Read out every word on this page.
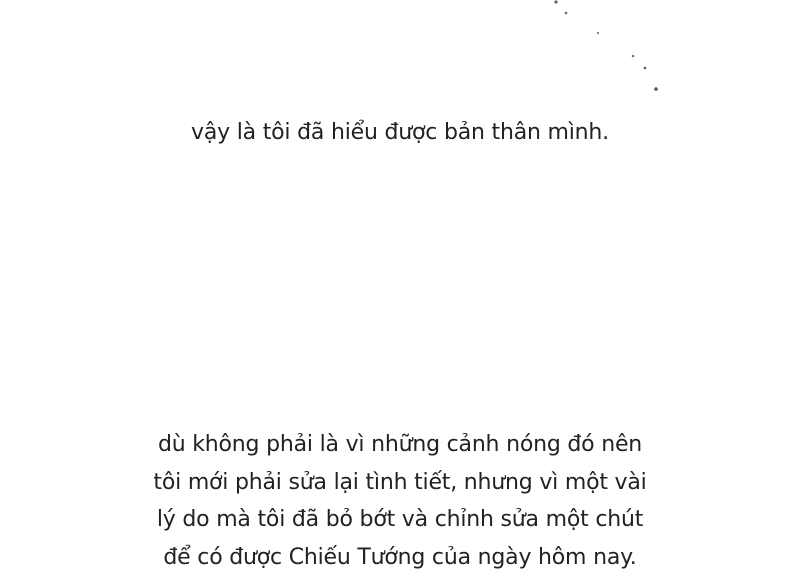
vậy là tôi đã hiểu được bản thân mình.

dù không phải là vì những cảnh nóng đó nên
tôi mới phải sửa lại tình tiết, nhưng vì một vài
lý do mà tôi đã bỏ bớt và chỉnh sửa một chút
để có được Chiếu Tướng của ngày hôm nay.
